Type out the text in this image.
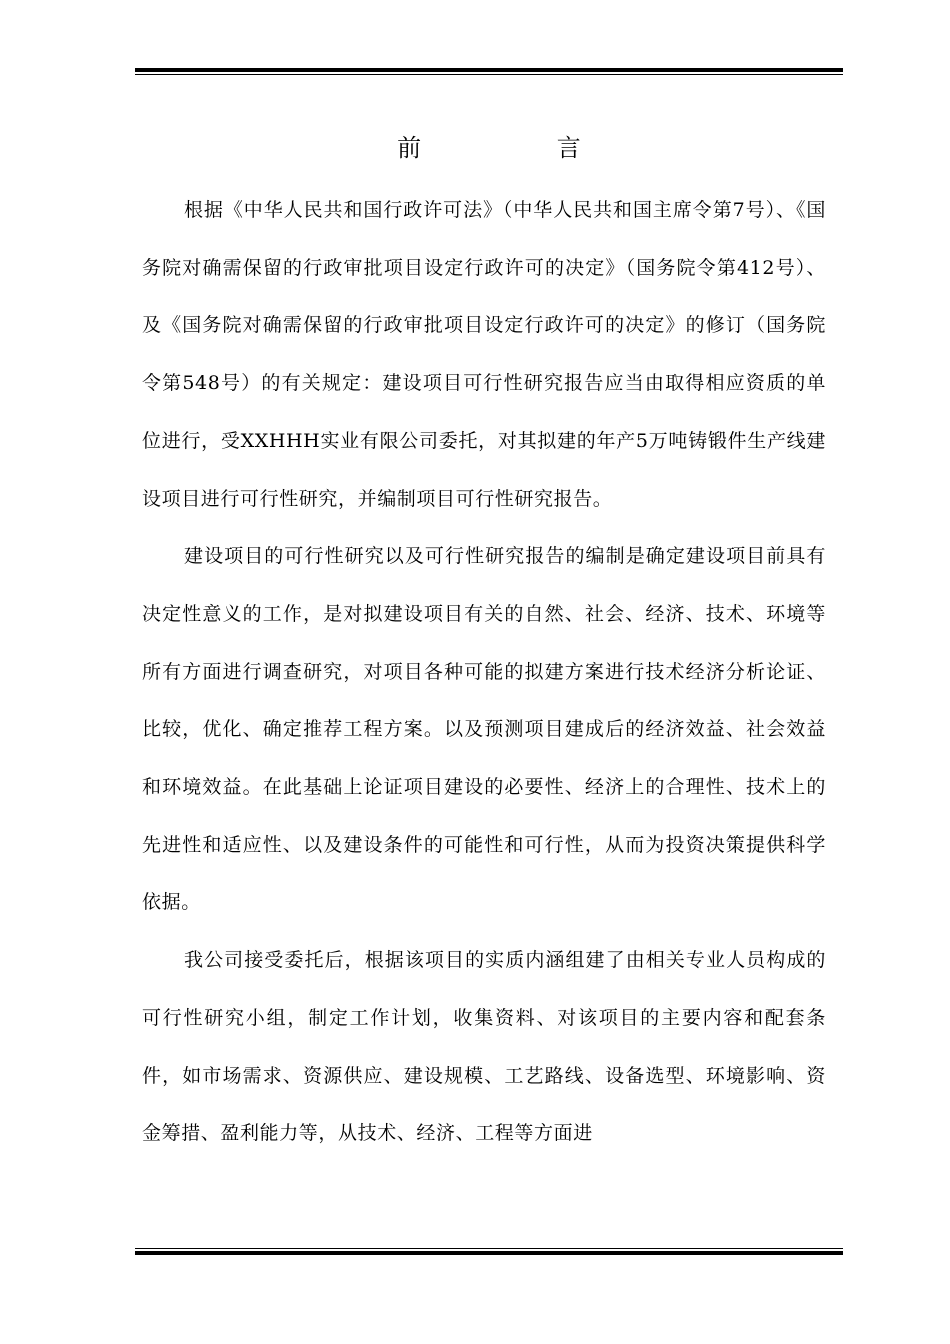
前 言

根据《中华人民共和国行政许可法》（中华人民共和国主席令第7号）、《国务院对确需保留的行政审批项目设定行政许可的决定》（国务院令第412号）、及《国务院对确需保留的行政审批项目设定行政许可的决定》的修订（国务院令第548号）的有关规定：建设项目可行性研究报告应当由取得相应资质的单位进行，受XXHHH实业有限公司委托，对其拟建的年产5万吨铸锻件生产线建设项目进行可行性研究，并编制项目可行性研究报告。

建设项目的可行性研究以及可行性研究报告的编制是确定建设项目前具有决定性意义的工作，是对拟建设项目有关的自然、社会、经济、技术、环境等所有方面进行调查研究，对项目各种可能的拟建方案进行技术经济分析论证、比较，优化、确定推荐工程方案。以及预测项目建成后的经济效益、社会效益和环境效益。在此基础上论证项目建设的必要性、经济上的合理性、技术上的先进性和适应性、以及建设条件的可能性和可行性，从而为投资决策提供科学依据。

我公司接受委托后，根据该项目的实质内涵组建了由相关专业人员构成的可行性研究小组，制定工作计划，收集资料、对该项目的主要内容和配套条件，如市场需求、资源供应、建设规模、工艺路线、设备选型、环境影响、资金筹措、盈利能力等，从技术、经济、工程等方面进
